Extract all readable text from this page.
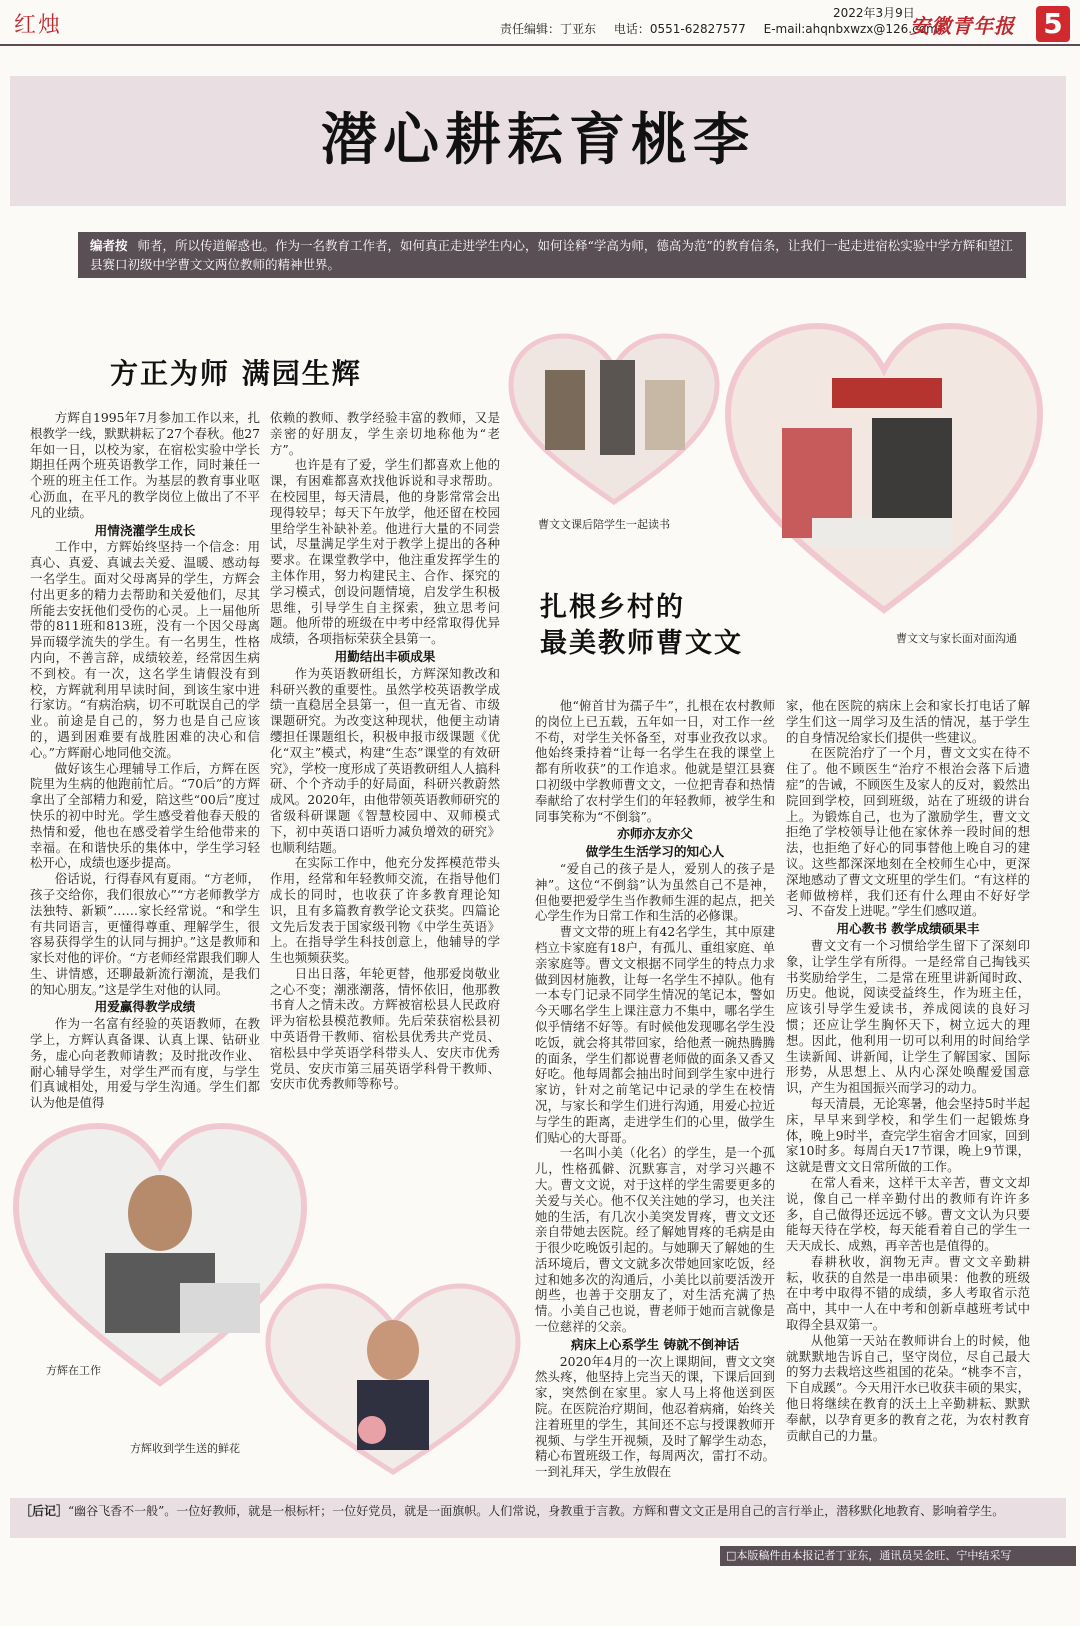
红烛	2022年3月9日
责任编辑：丁亚东 电话：0551-62827577 E-mail:ahqnbxwzx@126.com
安徽青年报 5
潜心耕耘育桃李
编者按 师者，所以传道解惑也。作为一名教育工作者，如何真正走进学生内心，如何诠释“学高为师，德高为范”的教育信条，让我们一起走进宿松实验中学方辉和望江县赛口初级中学曹文文两位教师的精神世界。
方正为师 满园生辉

方辉自1995年7月参加工作以来，扎根教学一线，默默耕耘了27个春秋。他27年如一日，以校为家，在宿松实验中学长期担任两个班英语教学工作，同时兼任一个班的班主任工作。为基层的教育事业呕心沥血，在平凡的教学岗位上做出了不平凡的业绩。

用情浇灌学生成长

工作中，方辉始终坚持一个信念：用真心、真爱、真诚去关爱、温暖、感动每一名学生。面对父母离异的学生，方辉会付出更多的精力去帮助和关爱他们，尽其所能去安抚他们受伤的心灵。上一届他所带的811班和813班，没有一个因父母离异而辍学流失的学生。有一名男生，性格内向，不善言辞，成绩较差，经常因生病不到校。有一次，这名学生请假没有到校，方辉就利用早读时间，到该生家中进行家访。“有病治病，切不可耽误自己的学业。前途是自己的，努力也是自己应该的，遇到困难要有战胜困难的决心和信心。”方辉耐心地同他交流。

做好该生心理辅导工作后，方辉在医院里为生病的他跑前忙后。“70后”的方辉拿出了全部精力和爱，陪这些“00后”度过快乐的初中时光。学生感受着他春天般的热情和爱，他也在感受着学生给他带来的幸福。在和谐快乐的集体中，学生学习轻松开心，成绩也逐步提高。

俗话说，行得春风有夏雨。“方老师，孩子交给你，我们很放心”“方老师教学方法独特、新颖”……家长经常说。“和学生有共同语言，更懂得尊重、理解学生，很容易获得学生的认同与拥护。”这是教师和家长对他的评价。“方老师经常跟我们聊人生、讲情感，还聊最新流行潮流，是我们的知心朋友。”这是学生对他的认同。

用爱赢得教学成绩

作为一名富有经验的英语教师，在教学上，方辉认真备课、认真上课、钻研业务，虚心向老教师请教；及时批改作业、耐心辅导学生，对学生严而有度，与学生们真诚相处，用爱与学生沟通。学生们都认为他是值得

依赖的教师、教学经验丰富的教师，又是亲密的好朋友，学生亲切地称他为“老方”。

也许是有了爱，学生们都喜欢上他的课，有困难都喜欢找他诉说和寻求帮助。在校园里，每天清晨，他的身影常常会出现得较早；每天下午放学，他还留在校园里给学生补缺补差。他进行大量的不同尝试，尽量满足学生对于教学上提出的各种要求。在课堂教学中，他注重发挥学生的主体作用，努力构建民主、合作、探究的学习模式，创设问题情境，启发学生积极思维，引导学生自主探索，独立思考问题。他所带的班级在中考中经常取得优异成绩，各项指标荣获全县第一。

用勤结出丰硕成果

作为英语教研组长，方辉深知教改和科研兴教的重要性。虽然学校英语教学成绩一直稳居全县第一，但一直无省、市级课题研究。为改变这种现状，他便主动请缨担任课题组长，积极申报市级课题《优化“双主”模式，构建“生态”课堂的有效研究》，学校一度形成了英语教研组人人搞科研、个个齐动手的好局面，科研兴教蔚然成风。2020年，由他带领英语教师研究的省级科研课题《智慧校园中、双师模式下，初中英语口语听力减负增效的研究》也顺利结题。

在实际工作中，他充分发挥模范带头作用，经常和年轻教师交流，在指导他们成长的同时，也收获了许多教育理论知识，且有多篇教育教学论文获奖。四篇论文先后发表于国家级刊物《中学生英语》上。在指导学生科技创意上，他辅导的学生也频频获奖。

日出日落，年轮更替，他那爱岗敬业之心不变；潮涨潮落，情怀依旧，他那教书育人之情未改。方辉被宿松县人民政府评为宿松县模范教师。先后荣获宿松县初中英语骨干教师、宿松县优秀共产党员、宿松县中学英语学科带头人、安庆市优秀党员、安庆市第三届英语学科骨干教师、安庆市优秀教师等称号。

曹文文课后陪学生一起读书
曹文文与家长面对面沟通
扎根乡村的
最美教师曹文文

他“俯首甘为孺子牛”，扎根在农村教师的岗位上已五载，五年如一日，对工作一丝不苟，对学生关怀备至，对事业孜孜以求。他始终秉持着“让每一名学生在我的课堂上都有所收获”的工作追求。他就是望江县赛口初级中学教师曹文文，一位把青春和热情奉献给了农村学生们的年轻教师，被学生和同事笑称为“不倒翁”。

亦师亦友亦父
做学生生活学习的知心人

“爱自己的孩子是人，爱别人的孩子是神”。这位“不倒翁”认为虽然自己不是神，但他要把爱学生当作教师生涯的起点，把关心学生作为日常工作和生活的必修课。

曹文文带的班上有42名学生，其中原建档立卡家庭有18户，有孤儿、重组家庭、单亲家庭等。曹文文根据不同学生的特点力求做到因材施教，让每一名学生不掉队。他有一本专门记录不同学生情况的笔记本，警如今天哪名学生上课注意力不集中，哪名学生似乎情绪不好等。有时候他发现哪名学生没吃饭，就会将其带回家，给他煮一碗热腾腾的面条，学生们都说曹老师做的面条又香又好吃。他每周都会抽出时间到学生家中进行家访，针对之前笔记中记录的学生在校情况，与家长和学生们进行沟通，用爱心拉近与学生的距离，走进学生们的心里，做学生们贴心的大哥哥。

一名叫小美（化名）的学生，是一个孤儿，性格孤僻、沉默寡言，对学习兴趣不大。曹文文说，对于这样的学生需要更多的关爱与关心。他不仅关注她的学习，也关注她的生活，有几次小美突发胃疼，曹文文还亲自带她去医院。经了解她胃疼的毛病是由于很少吃晚饭引起的。与她聊天了解她的生活环境后，曹文文就多次带她回家吃饭，经过和她多次的沟通后，小美比以前要活泼开朗些，也善于交朋友了，对生活充满了热情。小美自己也说，曹老师于她而言就像是一位慈祥的父亲。

病床上心系学生 铸就不倒神话

2020年4月的一次上课期间，曹文文突然头疼，他坚持上完当天的课，下课后回到家，突然倒在家里。家人马上将他送到医院。在医院治疗期间，他忍着病痛，始终关注着班里的学生，其间还不忘与授课教师开视频、与学生开视频，及时了解学生动态，精心布置班级工作，每周两次，雷打不动。一到礼拜天，学生放假在

家，他在医院的病床上会和家长打电话了解学生们这一周学习及生活的情况，基于学生的自身情况给家长们提供一些建议。

在医院治疗了一个月，曹文文实在待不住了。他不顾医生“治疗不根治会落下后遗症”的告诫，不顾医生及家人的反对，毅然出院回到学校，回到班级，站在了班级的讲台上。为锻炼自己，也为了激励学生，曹文文拒绝了学校领导让他在家休养一段时间的想法，也拒绝了好心的同事替他上晚自习的建议。这些都深深地刻在全校师生心中，更深深地感动了曹文文班里的学生们。“有这样的老师做榜样，我们还有什么理由不好好学习、不奋发上进呢。”学生们感叹道。

用心教书 教学成绩硕果丰

曹文文有一个习惯给学生留下了深刻印象，让学生学有所得。一是经常自己掏钱买书奖励给学生，二是常在班里讲新闻时政、历史。他说，阅读受益终生，作为班主任，应该引导学生爱读书，养成阅读的良好习惯；还应让学生胸怀天下，树立远大的理想。因此，他利用一切可以利用的时间给学生读新闻、讲新闻，让学生了解国家、国际形势，从思想上、从内心深处唤醒爱国意识，产生为祖国振兴而学习的动力。

每天清晨，无论寒暑，他会坚持5时半起床，早早来到学校，和学生们一起锻炼身体，晚上9时半，查完学生宿舍才回家，回到家10时多。每周白天17节课，晚上9节课，这就是曹文文日常所做的工作。

在常人看来，这样干太辛苦，曹文文却说，像自己一样辛勤付出的教师有许许多多，自己做得还远远不够。曹文文认为只要能每天待在学校，每天能看着自己的学生一天天成长、成熟，再辛苦也是值得的。

春耕秋收，润物无声。曹文文辛勤耕耘，收获的自然是一串串硕果：他教的班级在中考中取得不错的成绩，多人考取省示范高中，其中一人在中考和创新卓越班考试中取得全县双第一。

从他第一天站在教师讲台上的时候，他就默默地告诉自己，坚守岗位，尽自己最大的努力去栽培这些祖国的花朵。“桃李不言，下自成蹊”。今天用汗水已收获丰硕的果实，他日将继续在教育的沃土上辛勤耕耘、默默奉献，以孕育更多的教育之花，为农村教育贡献自己的力量。

方辉在工作
方辉收到学生送的鲜花
［后记］“幽谷飞香不一般”。一位好教师，就是一根标杆；一位好党员，就是一面旗帜。人们常说，身教重于言教。方辉和曹文文正是用自己的言行举止，潜移默化地教育、影响着学生。
□本版稿件由本报记者丁亚东，通讯员吴金旺、宁中结采写
